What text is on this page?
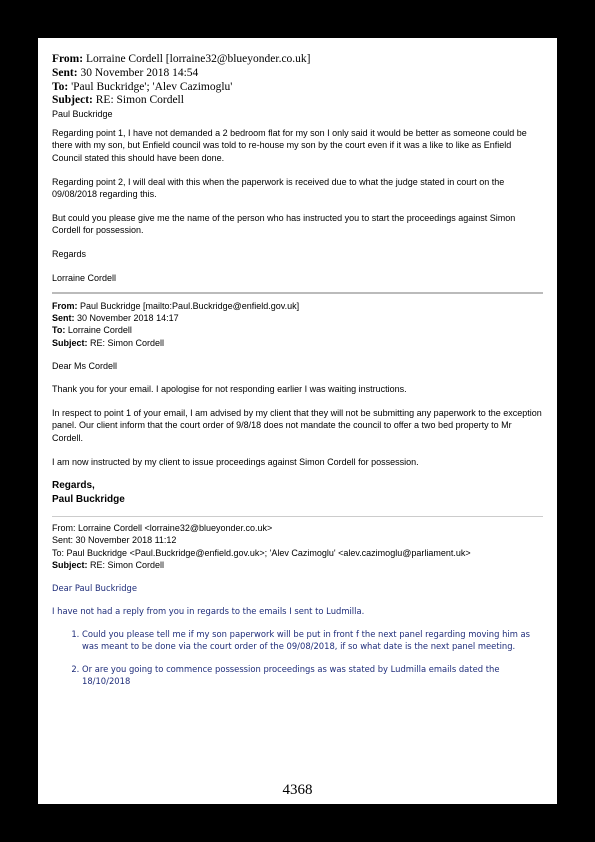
From: Lorraine Cordell [lorraine32@blueyonder.co.uk]
Sent: 30 November 2018 14:54
To: 'Paul Buckridge'; 'Alev Cazimoglu'
Subject: RE: Simon Cordell

Paul Buckridge

Regarding point 1, I have not demanded a 2 bedroom flat for my son I only said it would be better as someone could be there with my son, but Enfield council was told to re-house my son by the court even if it was a like to like as Enfield Council stated this should have been done.

Regarding point 2, I will deal with this when the paperwork is received due to what the judge stated in court on the 09/08/2018 regarding this.

But could you please give me the name of the person who has instructed you to start the proceedings against Simon Cordell for possession.

Regards

Lorraine Cordell

From: Paul Buckridge [mailto:Paul.Buckridge@enfield.gov.uk]
Sent: 30 November 2018 14:17
To: Lorraine Cordell
Subject: RE: Simon Cordell

Dear Ms Cordell

Thank you for your email. I apologise for not responding earlier I was waiting instructions.

In respect to point 1 of your email, I am advised by my client that they will not be submitting any paperwork to the exception panel. Our client inform that the court order of 9/8/18 does not mandate the council to offer a two bed property to Mr Cordell.

I am now instructed by my client to issue proceedings against Simon Cordell for possession.

Regards,

Paul Buckridge

From: Lorraine Cordell <lorraine32@blueyonder.co.uk>
Sent: 30 November 2018 11:12
To: Paul Buckridge <Paul.Buckridge@enfield.gov.uk>; 'Alev Cazimoglu' <alev.cazimoglu@parliament.uk>
Subject: RE: Simon Cordell

Dear Paul Buckridge

I have not had a reply from you in regards to the emails I sent to Ludmilla.

1. Could you please tell me if my son paperwork will be put in front f the next panel regarding moving him as was meant to be done via the court order of the 09/08/2018, if so what date is the next panel meeting.
2. Or are you going to commence possession proceedings as was stated by Ludmilla emails dated the 18/10/2018
4368
